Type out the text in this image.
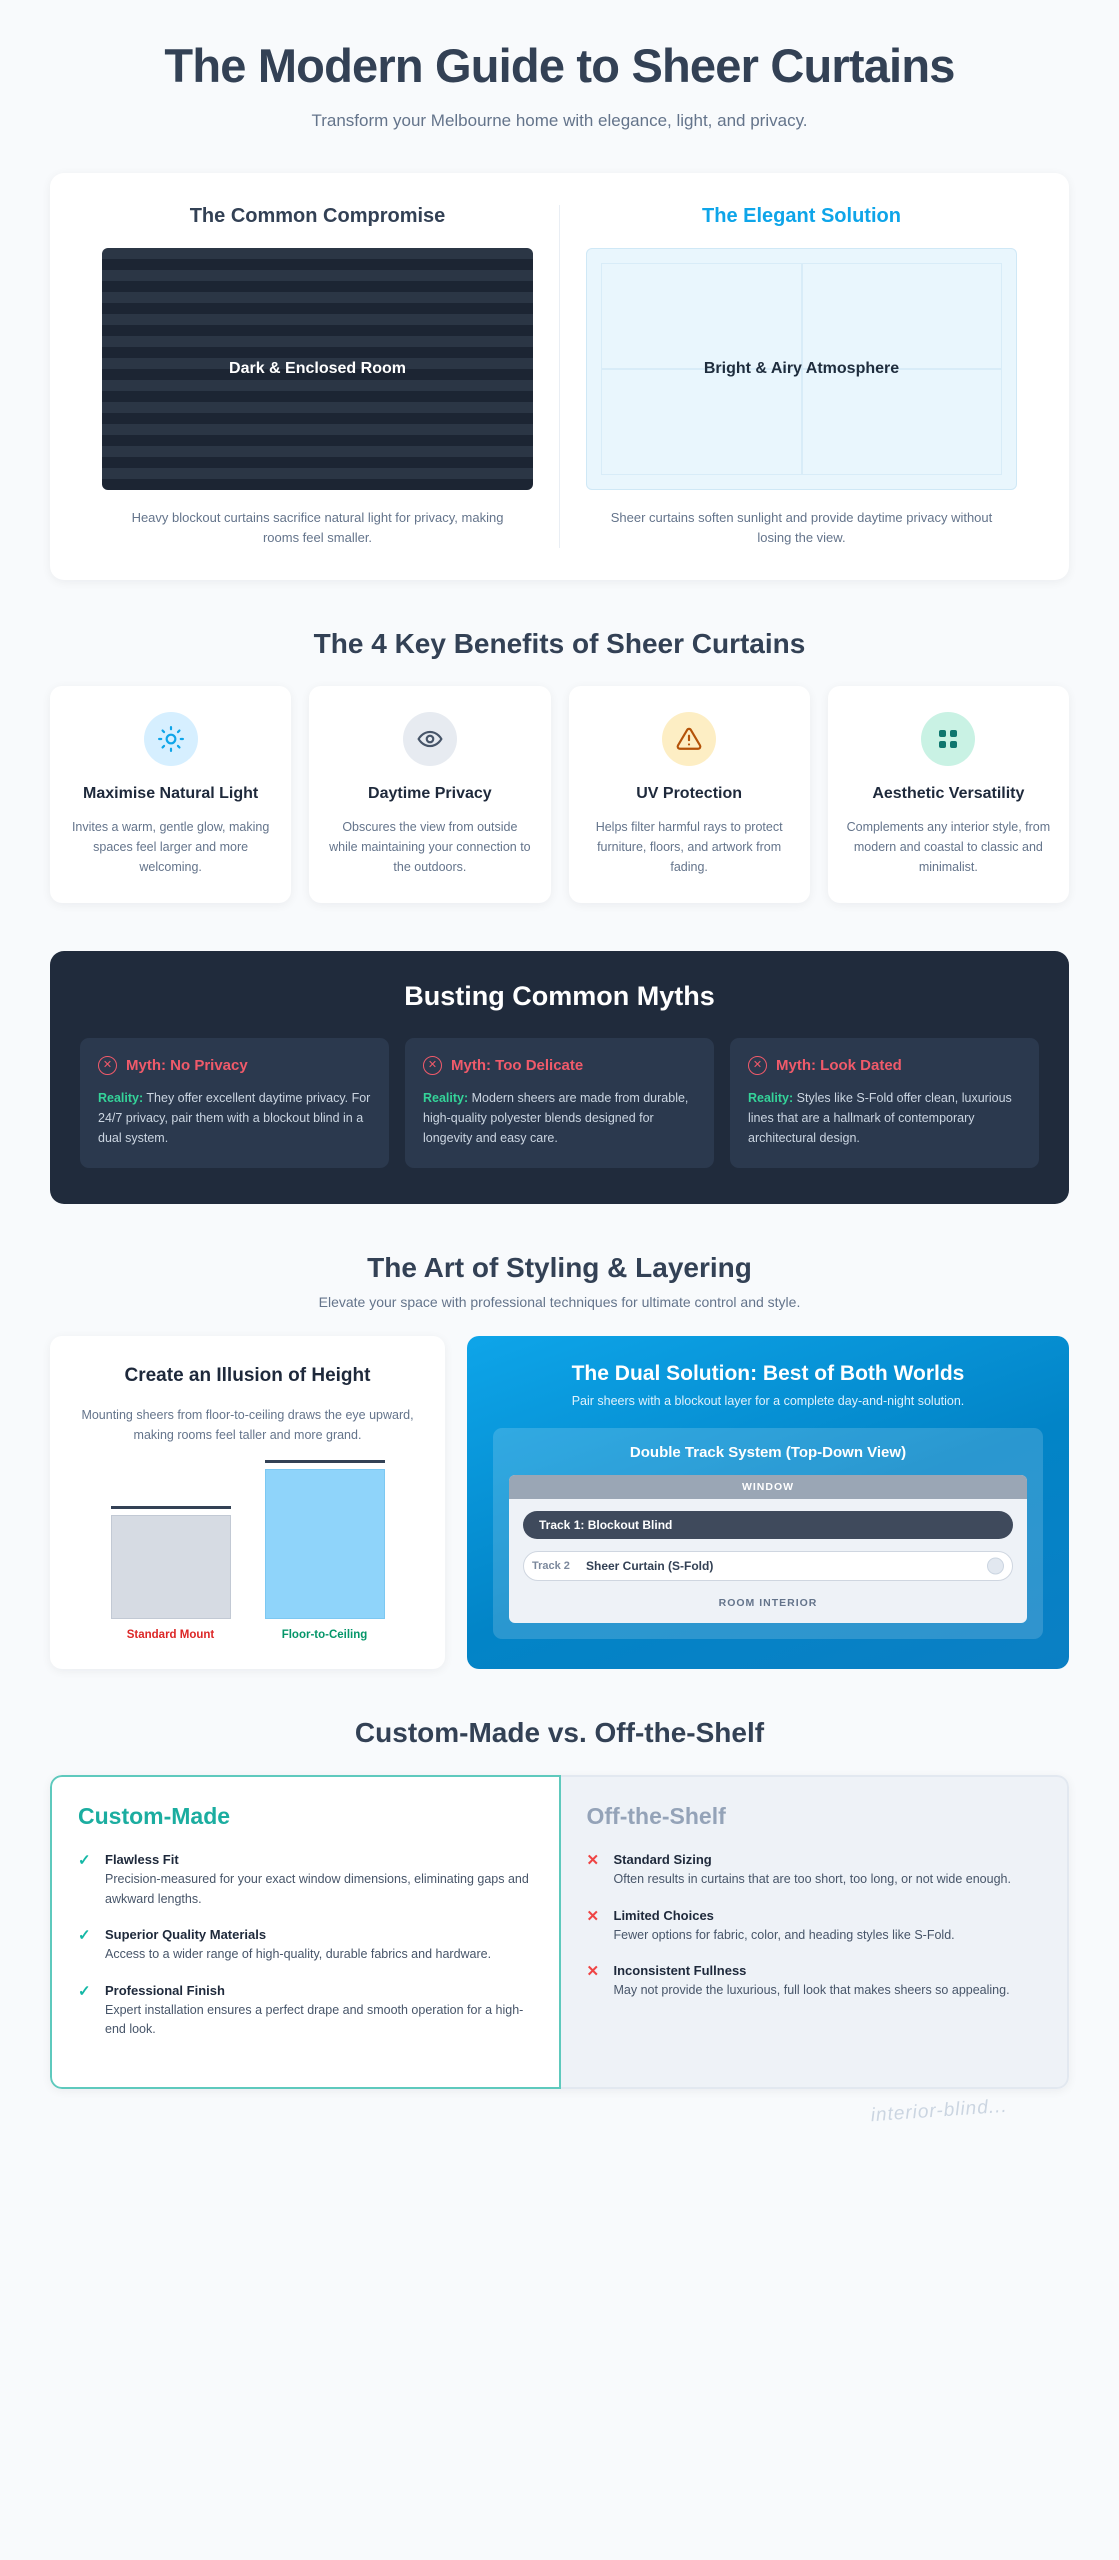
The Modern Guide to Sheer Curtains

Transform your Melbourne home with elegance, light, and privacy.

The Common Compromise
Dark & Enclosed Room
Heavy blockout curtains sacrifice natural light for privacy, making rooms feel smaller.
The Elegant Solution
Bright & Airy Atmosphere
Sheer curtains soften sunlight and provide daytime privacy without losing the view.
The 4 Key Benefits of Sheer Curtains
Maximise Natural Light

Invites a warm, gentle glow, making spaces feel larger and more welcoming.

Daytime Privacy

Obscures the view from outside while maintaining your connection to the outdoors.

UV Protection

Helps filter harmful rays to protect furniture, floors, and artwork from fading.

Aesthetic Versatility

Complements any interior style, from modern and coastal to classic and minimalist.

Busting Common Myths
✕ Myth: No Privacy

Reality: They offer excellent daytime privacy. For 24/7 privacy, pair them with a blockout blind in a dual system.

✕ Myth: Too Delicate

Reality: Modern sheers are made from durable, high-quality polyester blends designed for longevity and easy care.

✕ Myth: Look Dated

Reality: Styles like S-Fold offer clean, luxurious lines that are a hallmark of contemporary architectural design.

The Art of Styling & Layering

Elevate your space with professional techniques for ultimate control and style.

Create an Illusion of Height

Mounting sheers from floor-to-ceiling draws the eye upward, making rooms feel taller and more grand.

Standard Mount	Floor-to-Ceiling
The Dual Solution: Best of Both Worlds
Pair sheers with a blockout layer for a complete day-and-night solution.
Double Track System (Top-Down View)
WINDOW
Track 1: Blockout Blind
Track 2 Sheer Curtain (S-Fold)
ROOM INTERIOR
Custom-Made vs. Off-the-Shelf
Custom-Made
✓ Flawless Fit
Precision-measured for your exact window dimensions, eliminating gaps and awkward lengths.
✓ Superior Quality Materials
Access to a wider range of high-quality, durable fabrics and hardware.
✓ Professional Finish
Expert installation ensures a perfect drape and smooth operation for a high-end look.
Off-the-Shelf
✕ Standard Sizing
Often results in curtains that are too short, too long, or not wide enough.
✕ Limited Choices
Fewer options for fabric, color, and heading styles like S-Fold.
✕ Inconsistent Fullness
May not provide the luxurious, full look that makes sheers so appealing.
interior-blind...
